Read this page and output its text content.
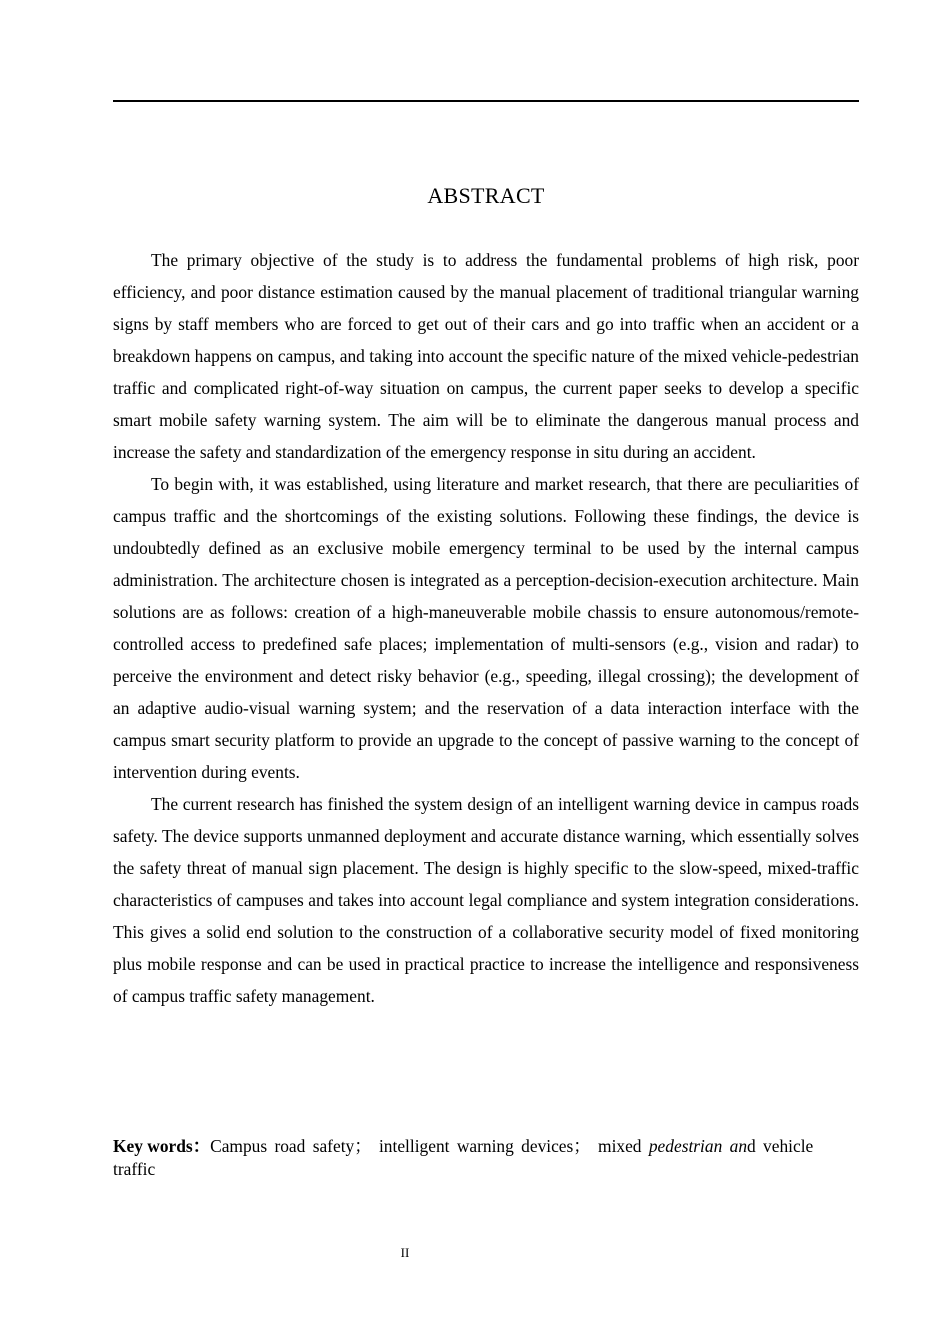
ABSTRACT

The primary objective of the study is to address the fundamental problems of high risk, poor efficiency, and poor distance estimation caused by the manual placement of traditional triangular warning signs by staff members who are forced to get out of their cars and go into traffic when an accident or a breakdown happens on campus, and taking into account the specific nature of the mixed vehicle-pedestrian traffic and complicated right-of-way situation on campus, the current paper seeks to develop a specific smart mobile safety warning system. The aim will be to eliminate the dangerous manual process and increase the safety and standardization of the emergency response in situ during an accident.

To begin with, it was established, using literature and market research, that there are peculiarities of campus traffic and the shortcomings of the existing solutions. Following these findings, the device is undoubtedly defined as an exclusive mobile emergency terminal to be used by the internal campus administration. The architecture chosen is integrated as a perception-decision-execution architecture. Main solutions are as follows: creation of a high-maneuverable mobile chassis to ensure autonomous/remote-controlled access to predefined safe places; implementation of multi-sensors (e.g., vision and radar) to perceive the environment and detect risky behavior (e.g., speeding, illegal crossing); the development of an adaptive audio-visual warning system; and the reservation of a data interaction interface with the campus smart security platform to provide an upgrade to the concept of passive warning to the concept of intervention during events.

The current research has finished the system design of an intelligent warning device in campus roads safety. The device supports unmanned deployment and accurate distance warning, which essentially solves the safety threat of manual sign placement. The design is highly specific to the slow-speed, mixed-traffic characteristics of campuses and takes into account legal compliance and system integration considerations. This gives a solid end solution to the construction of a collaborative security model of fixed monitoring plus mobile response and can be used in practical practice to increase the intelligence and responsiveness of campus traffic safety management.

Key words：Campus road safety； intelligent warning devices； mixed pedestrian and vehicle traffic
II
